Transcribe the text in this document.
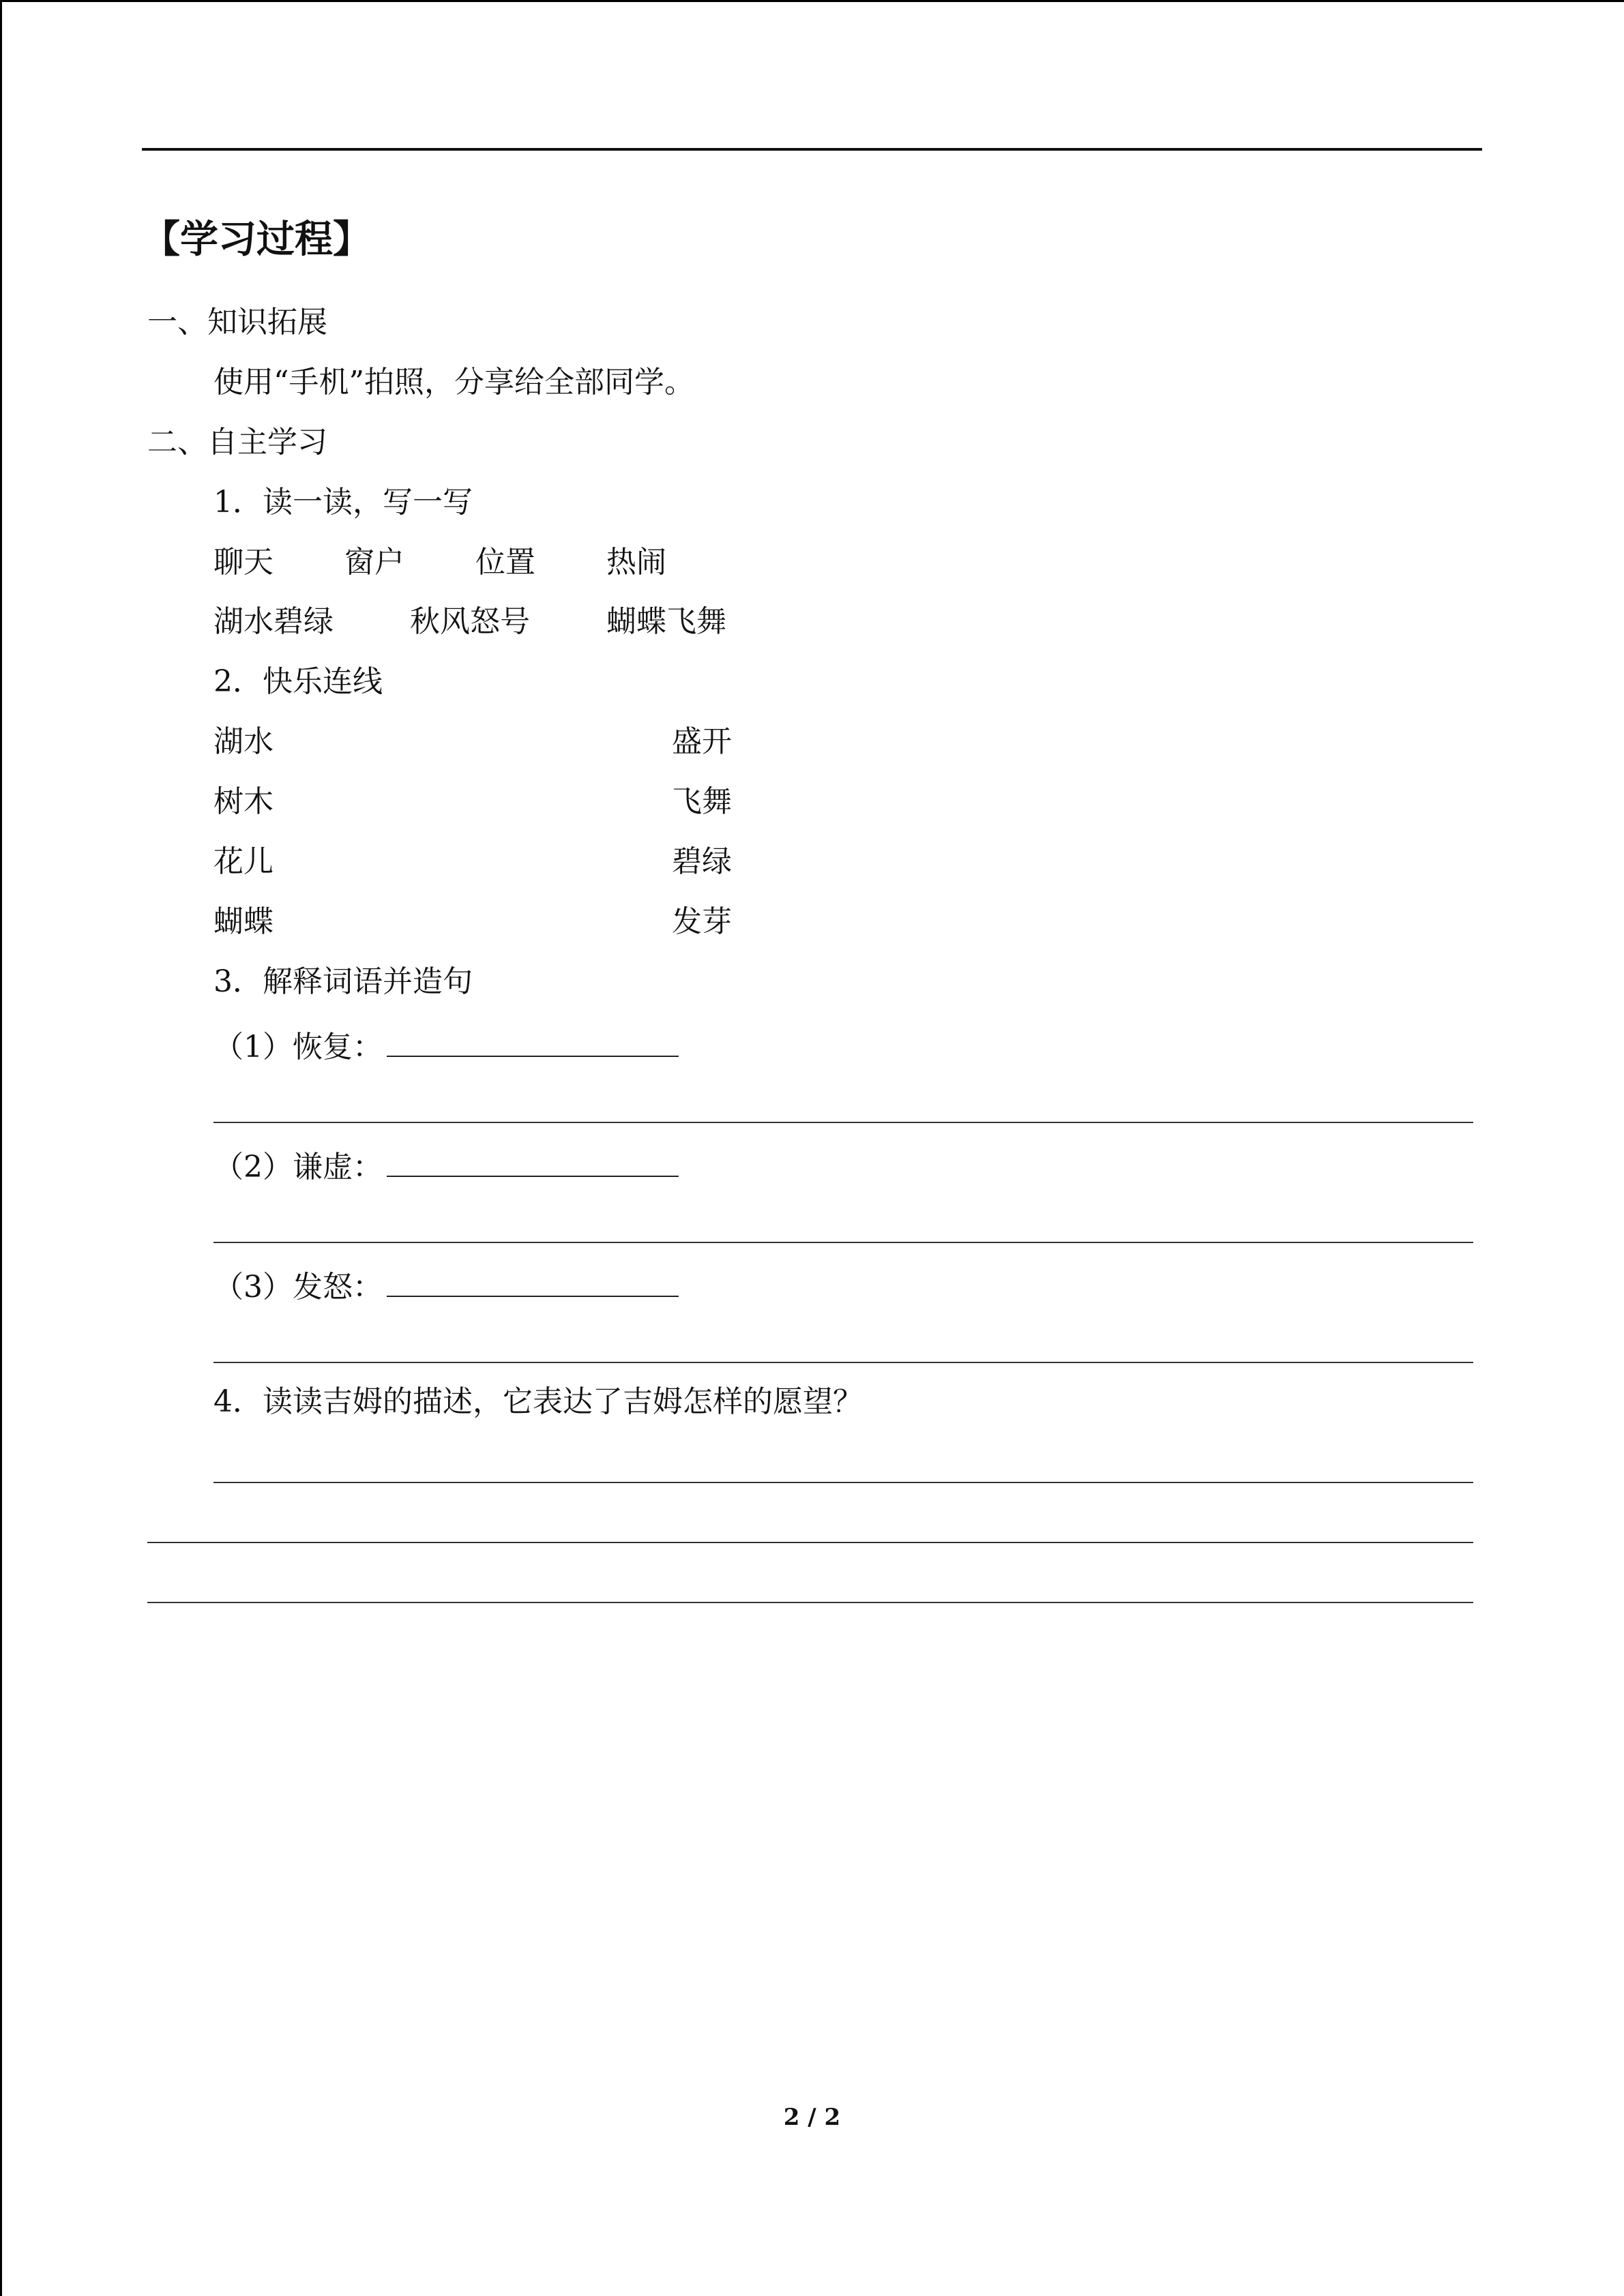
【学习过程】
一、知识拓展
使用“手机”拍照，分享给全部同学。
二、自主学习
1．读一读，写一写
聊天 窗户 位置 热闹
湖水碧绿	秋风怒号	蝴蝶飞舞
2．快乐连线
湖水	盛开
树木	飞舞
花儿	碧绿
蝴蝶	发芽
3．解释词语并造句
（1）恢复：
（2）谦虚：
（3）发怒：
4．读读吉姆的描述，它表达了吉姆怎样的愿望？
2 / 2
